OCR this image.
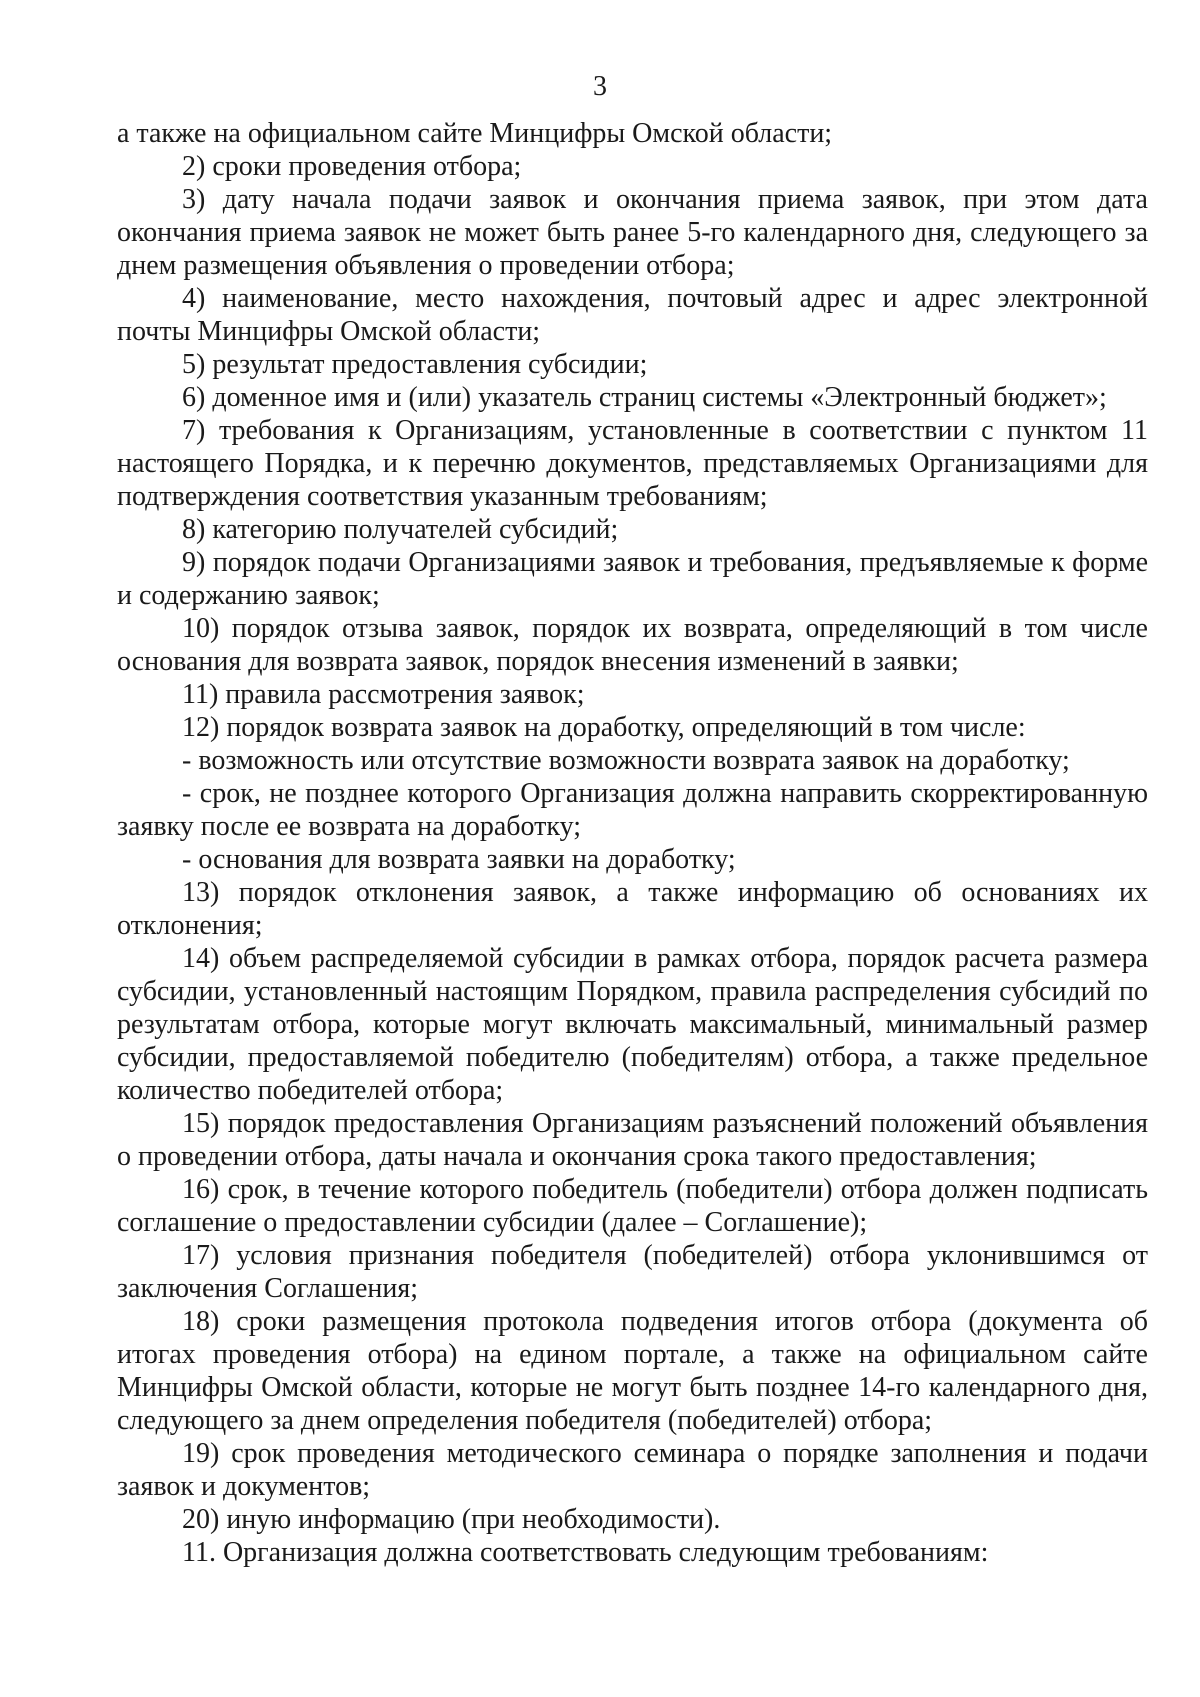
3

а также на официальном сайте Минцифры Омской области;

2) сроки проведения отбора;

3) дату начала подачи заявок и окончания приема заявок, при этом дата окончания приема заявок не может быть ранее 5-го календарного дня, следующего за днем размещения объявления о проведении отбора;

4) наименование, место нахождения, почтовый адрес и адрес электронной почты Минцифры Омской области;

5) результат предоставления субсидии;

6) доменное имя и (или) указатель страниц системы «Электронный бюджет»;

7) требования к Организациям, установленные в соответствии с пунктом 11 настоящего Порядка, и к перечню документов, представляемых Организациями для подтверждения соответствия указанным требованиям;

8) категорию получателей субсидий;

9) порядок подачи Организациями заявок и требования, предъявляемые к форме и содержанию заявок;

10) порядок отзыва заявок, порядок их возврата, определяющий в том числе основания для возврата заявок, порядок внесения изменений в заявки;

11) правила рассмотрения заявок;

12) порядок возврата заявок на доработку, определяющий в том числе:

- возможность или отсутствие возможности возврата заявок на доработку;

- срок, не позднее которого Организация должна направить скорректированную заявку после ее возврата на доработку;

- основания для возврата заявки на доработку;

13) порядок отклонения заявок, а также информацию об основаниях их отклонения;

14) объем распределяемой субсидии в рамках отбора, порядок расчета размера субсидии, установленный настоящим Порядком, правила распределения субсидий по результатам отбора, которые могут включать максимальный, минимальный размер субсидии, предоставляемой победителю (победителям) отбора, а также предельное количество победителей отбора;

15) порядок предоставления Организациям разъяснений положений объявления о проведении отбора, даты начала и окончания срока такого предоставления;

16) срок, в течение которого победитель (победители) отбора должен подписать соглашение о предоставлении субсидии (далее – Соглашение);

17) условия признания победителя (победителей) отбора уклонившимся от заключения Соглашения;

18) сроки размещения протокола подведения итогов отбора (документа об итогах проведения отбора) на едином портале, а также на официальном сайте Минцифры Омской области, которые не могут быть позднее 14-го календарного дня, следующего за днем определения победителя (победителей) отбора;

19) срок проведения методического семинара о порядке заполнения и подачи заявок и документов;

20) иную информацию (при необходимости).

11. Организация должна соответствовать следующим требованиям:
